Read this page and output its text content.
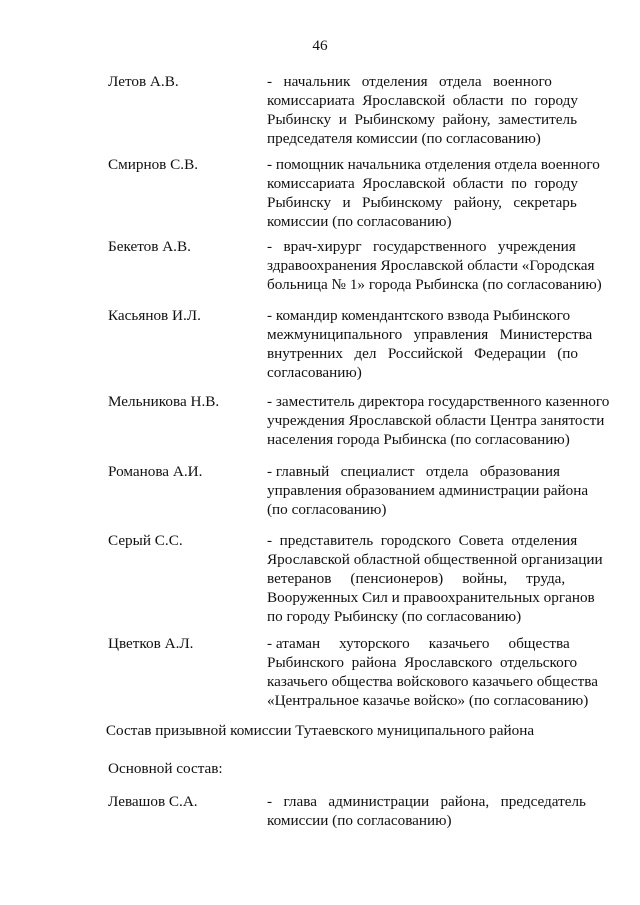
46
Летов А.В.	-   начальник   отделения   отдела   военного
комиссариата  Ярославской  области  по  городу
Рыбинску  и  Рыбинскому  району,  заместитель
председателя комиссии (по согласованию)
Смирнов С.В.	- помощник начальника отделения отдела военного
комиссариата  Ярославской  области  по  городу
Рыбинску   и   Рыбинскому   району,   секретарь
комиссии (по согласованию)
Бекетов А.В.	-   врач-хирург   государственного   учреждения
здравоохранения Ярославской области «Городская
больница № 1» города Рыбинска (по согласованию)
Касьянов И.Л.	- командир комендантского взвода Рыбинского
межмуниципального   управления   Министерства
внутренних   дел   Российской   Федерации   (по
согласованию)
Мельникова Н.В.	- заместитель директора государственного казенного
учреждения Ярославской области Центра занятости
населения города Рыбинска (по согласованию)
Романова А.И.	- главный   специалист   отдела   образования
управления образованием администрации района
(по согласованию)
Серый С.С.	-  представитель  городского  Совета  отделения
Ярославской областной общественной организации
ветеранов     (пенсионеров)     войны,     труда,
Вооруженных Сил и правоохранительных органов
по городу Рыбинску (по согласованию)
Цветков А.Л.	- атаман     хуторского     казачьего     общества
Рыбинского  района  Ярославского  отдельского
казачьего общества войскового казачьего общества
«Центральное казачье войско» (по согласованию)
Состав призывной комиссии Тутаевского муниципального района
Основной состав:
Левашов С.А.	-   глава   администрации   района,   председатель
комиссии (по согласованию)
